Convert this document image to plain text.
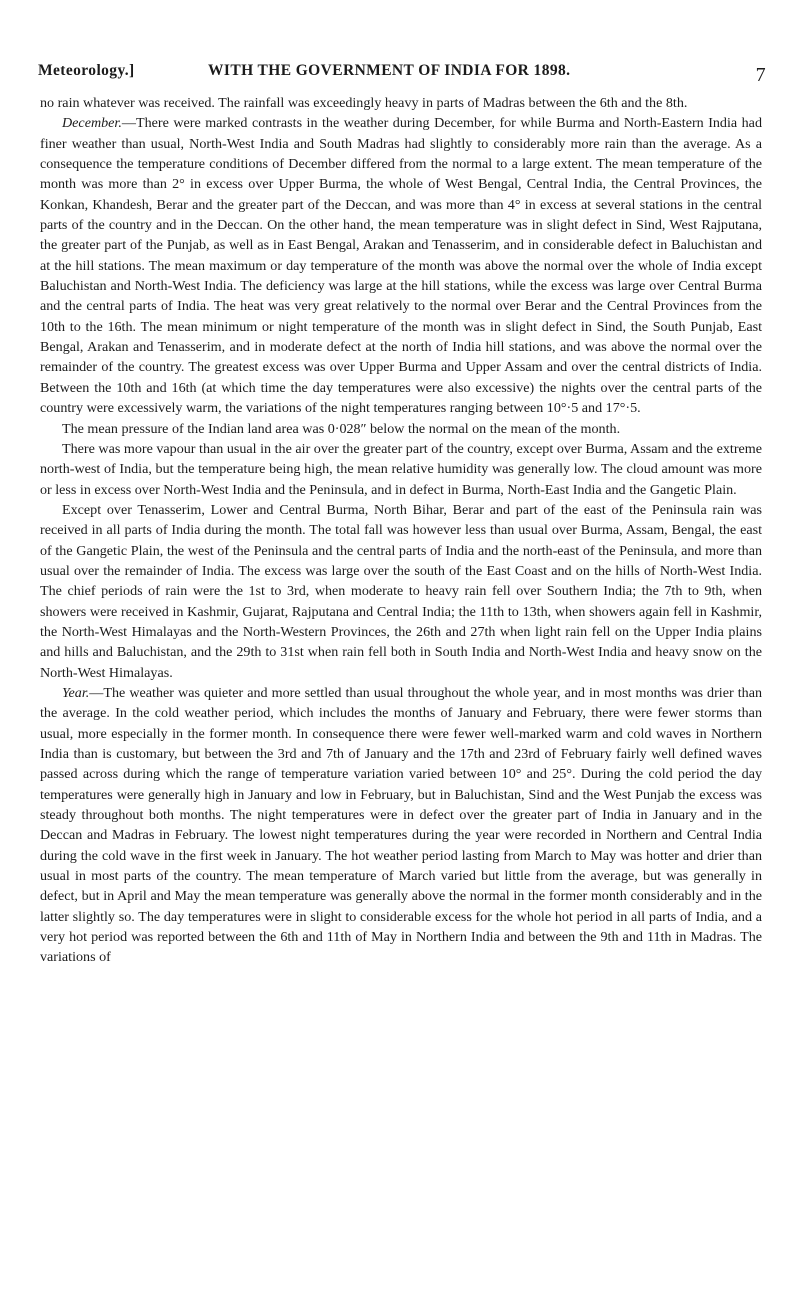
Meteorology.]	WITH THE GOVERNMENT OF INDIA FOR 1898.	7

no rain whatever was received. The rainfall was exceedingly heavy in parts of Madras between the 6th and the 8th.

December.—There were marked contrasts in the weather during December, for while Burma and North-Eastern India had finer weather than usual, North-West India and South Madras had slightly to considerably more rain than the average. As a consequence the temperature conditions of December differed from the normal to a large extent. The mean temperature of the month was more than 2° in excess over Upper Burma, the whole of West Bengal, Central India, the Central Provinces, the Konkan, Khandesh, Berar and the greater part of the Deccan, and was more than 4° in excess at several stations in the central parts of the country and in the Deccan. On the other hand, the mean temperature was in slight defect in Sind, West Rajputana, the greater part of the Punjab, as well as in East Bengal, Arakan and Tenasserim, and in considerable defect in Baluchistan and at the hill stations. The mean maximum or day temperature of the month was above the normal over the whole of India except Baluchistan and North-West India. The deficiency was large at the hill stations, while the excess was large over Central Burma and the central parts of India. The heat was very great relatively to the normal over Berar and the Central Provinces from the 10th to the 16th. The mean minimum or night temperature of the month was in slight defect in Sind, the South Punjab, East Bengal, Arakan and Tenasserim, and in moderate defect at the north of India hill stations, and was above the normal over the remainder of the country. The greatest excess was over Upper Burma and Upper Assam and over the central districts of India. Between the 10th and 16th (at which time the day temperatures were also excessive) the nights over the central parts of the country were excessively warm, the variations of the night temperatures ranging between 10°·5 and 17°·5.

The mean pressure of the Indian land area was 0·028″ below the normal on the mean of the month.

There was more vapour than usual in the air over the greater part of the country, except over Burma, Assam and the extreme north-west of India, but the temperature being high, the mean relative humidity was generally low. The cloud amount was more or less in excess over North-West India and the Peninsula, and in defect in Burma, North-East India and the Gangetic Plain.

Except over Tenasserim, Lower and Central Burma, North Bihar, Berar and part of the east of the Peninsula rain was received in all parts of India during the month. The total fall was however less than usual over Burma, Assam, Bengal, the east of the Gangetic Plain, the west of the Peninsula and the central parts of India and the north-east of the Peninsula, and more than usual over the remainder of India. The excess was large over the south of the East Coast and on the hills of North-West India. The chief periods of rain were the 1st to 3rd, when moderate to heavy rain fell over Southern India; the 7th to 9th, when showers were received in Kashmir, Gujarat, Rajputana and Central India; the 11th to 13th, when showers again fell in Kashmir, the North-West Himalayas and the North-Western Provinces, the 26th and 27th when light rain fell on the Upper India plains and hills and Baluchistan, and the 29th to 31st when rain fell both in South India and North-West India and heavy snow on the North-West Himalayas.

Year.—The weather was quieter and more settled than usual throughout the whole year, and in most months was drier than the average. In the cold weather period, which includes the months of January and February, there were fewer storms than usual, more especially in the former month. In consequence there were fewer well-marked warm and cold waves in Northern India than is customary, but between the 3rd and 7th of January and the 17th and 23rd of February fairly well defined waves passed across during which the range of temperature variation varied between 10° and 25°. During the cold period the day temperatures were generally high in January and low in February, but in Baluchistan, Sind and the West Punjab the excess was steady throughout both months. The night temperatures were in defect over the greater part of India in January and in the Deccan and Madras in February. The lowest night temperatures during the year were recorded in Northern and Central India during the cold wave in the first week in January. The hot weather period lasting from March to May was hotter and drier than usual in most parts of the country. The mean temperature of March varied but little from the average, but was generally in defect, but in April and May the mean temperature was generally above the normal in the former month considerably and in the latter slightly so. The day temperatures were in slight to considerable excess for the whole hot period in all parts of India, and a very hot period was reported between the 6th and 11th of May in Northern India and between the 9th and 11th in Madras. The variations of
